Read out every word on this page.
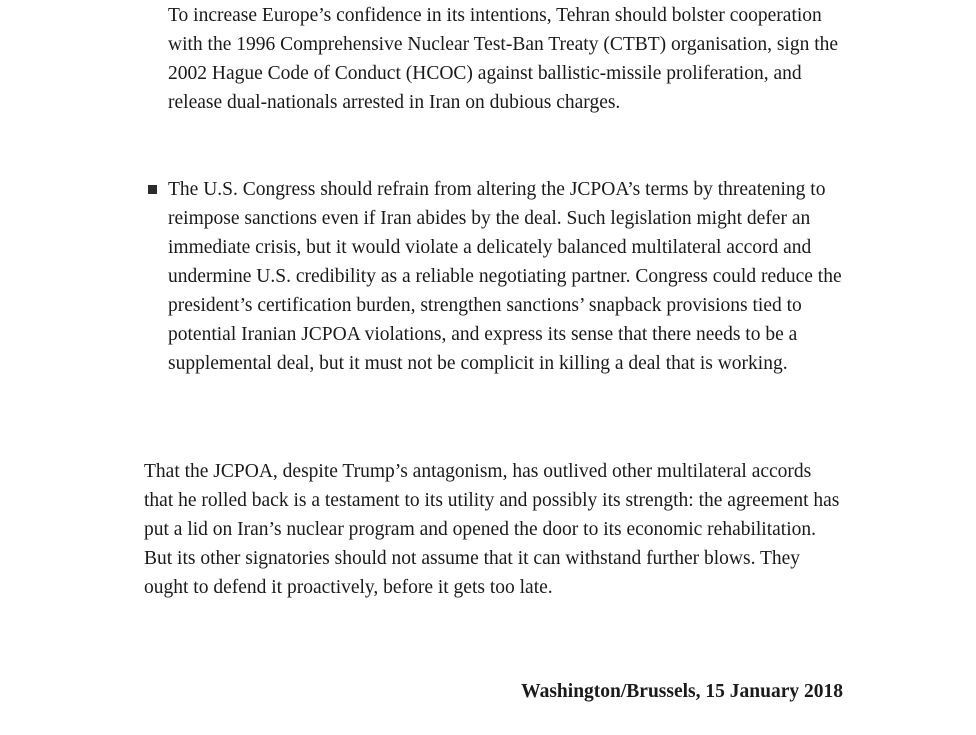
To increase Europe’s confidence in its intentions, Tehran should bolster cooperation with the 1996 Comprehensive Nuclear Test-Ban Treaty (CTBT) organisation, sign the 2002 Hague Code of Conduct (HCOC) against ballistic-missile proliferation, and release dual-nationals arrested in Iran on dubious charges.

The U.S. Congress should refrain from altering the JCPOA’s terms by threatening to reimpose sanctions even if Iran abides by the deal. Such legislation might defer an immediate crisis, but it would violate a delicately balanced multilateral accord and undermine U.S. credibility as a reliable negotiating partner. Congress could reduce the president’s certification burden, strengthen sanctions’ snapback provisions tied to potential Iranian JCPOA violations, and express its sense that there needs to be a supplemental deal, but it must not be complicit in killing a deal that is working.

That the JCPOA, despite Trump’s antagonism, has outlived other multilateral accords that he rolled back is a testament to its utility and possibly its strength: the agreement has put a lid on Iran’s nuclear program and opened the door to its economic rehabilitation. But its other signatories should not assume that it can withstand further blows. They ought to defend it proactively, before it gets too late.

Washington/Brussels, 15 January 2018
